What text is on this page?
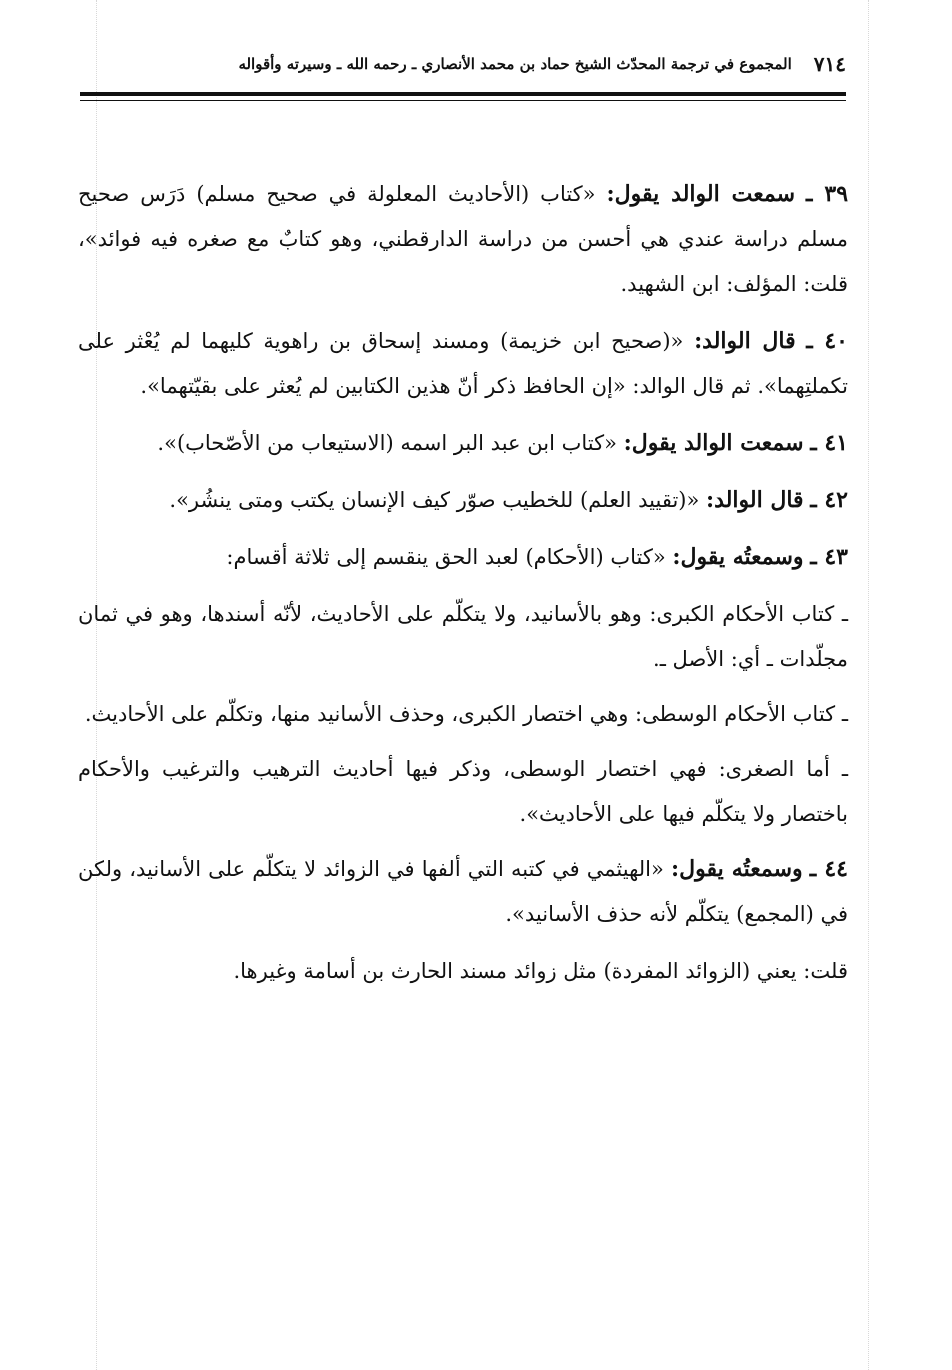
٧١٤
المجموع في ترجمة المحدّث الشيخ حماد بن محمد الأنصاري ـ رحمه الله ـ وسيرته وأقواله

٣٩ ـ سمعت الوالد يقول: «كتاب (الأحاديث المعلولة في صحيح مسلم) دَرَس صحيح مسلم دراسة عندي هي أحسن من دراسة الدارقطني، وهو كتابٌ مع صغره فيه فوائد»، قلت: المؤلف: ابن الشهيد.

٤٠ ـ قال الوالد: «(صحيح ابن خزيمة) ومسند إسحاق بن راهوية كليهما لم يُعْثر على تكملتِهما». ثم قال الوالد: «إن الحافظ ذكر أنّ هذين الكتابين لم يُعثر على بقيّتهما».

٤١ ـ سمعت الوالد يقول: «كتاب ابن عبد البر اسمه (الاستيعاب من الأصّحاب)».

٤٢ ـ قال الوالد: «(تقييد العلم) للخطيب صوّر كيف الإنسان يكتب ومتى ينشُر».

٤٣ ـ وسمعتُه يقول: «كتاب (الأحكام) لعبد الحق ينقسم إلى ثلاثة أقسام:

ـ كتاب الأحكام الكبرى: وهو بالأسانيد، ولا يتكلّم على الأحاديث، لأنّه أسندها، وهو في ثمان مجلّدات ـ أي: الأصل ـ.

ـ كتاب الأحكام الوسطى: وهي اختصار الكبرى، وحذف الأسانيد منها، وتكلّم على الأحاديث.

ـ أما الصغرى: فهي اختصار الوسطى، وذكر فيها أحاديث الترهيب والترغيب والأحكام باختصار ولا يتكلّم فيها على الأحاديث».

٤٤ ـ وسمعتُه يقول: «الهيثمي في كتبه التي ألفها في الزوائد لا يتكلّم على الأسانيد، ولكن في (المجمع) يتكلّم لأنه حذف الأسانيد».

قلت: يعني (الزوائد المفردة) مثل زوائد مسند الحارث بن أسامة وغيرها.
